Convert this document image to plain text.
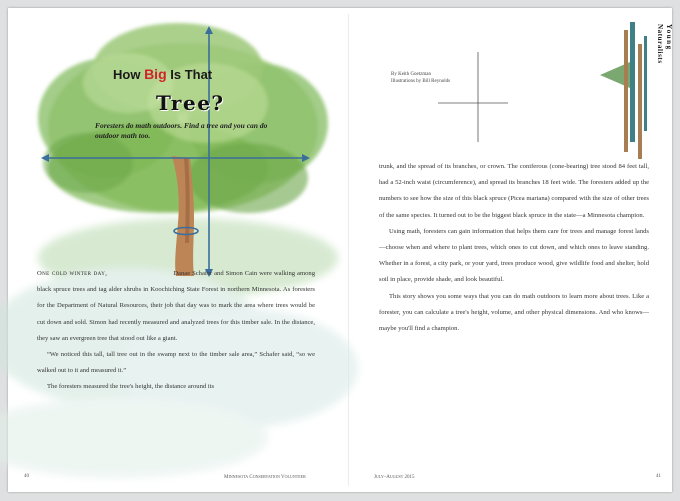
How Big Is That
Tree?
Foresters do math outdoors. Find a tree and you can do outdoor math too.

One cold winter day,	Danae Schafer and Simon Cain were walking among black spruce trees and tag alder shrubs in Koochiching State Forest in northern Minnesota. As foresters for the Department of Natural Resources, their job that day was to mark the area where trees would be cut down and sold. Simon had recently measured and analyzed trees for this timber sale. In the distance, they saw an evergreen tree that stood out like a giant.

“We noticed this tall, tall tree out in the swamp next to the timber sale area,” Schafer said, “so we walked out to it and measured it.”

The foresters measured the tree's height, the distance around its

By Keith Goetzman
Illustrations by Bill Reynolds
Young
Naturalists

trunk, and the spread of its branches, or crown. The coniferous (cone-bearing) tree stood 84 feet tall, had a 52-inch waist (circumference), and spread its branches 18 feet wide. The foresters added up the numbers to see how the size of this black spruce (Picea mariana) compared with the size of other trees of the same species. It turned out to be the biggest black spruce in the state—a Minnesota champion.

Using math, foresters can gain information that helps them care for trees and manage forest lands—choose when and where to plant trees, which ones to cut down, and which ones to leave standing. Whether in a forest, a city park, or your yard, trees produce wood, give wildlife food and shelter, hold soil in place, provide shade, and look beautiful.

This story shows you some ways that you can do math outdoors to learn more about trees. Like a forester, you can calculate a tree's height, volume, and other physical dimensions. And who knows—maybe you'll find a champion.

40	Minnesota Conservation Volunteer	July–August 2015	41
